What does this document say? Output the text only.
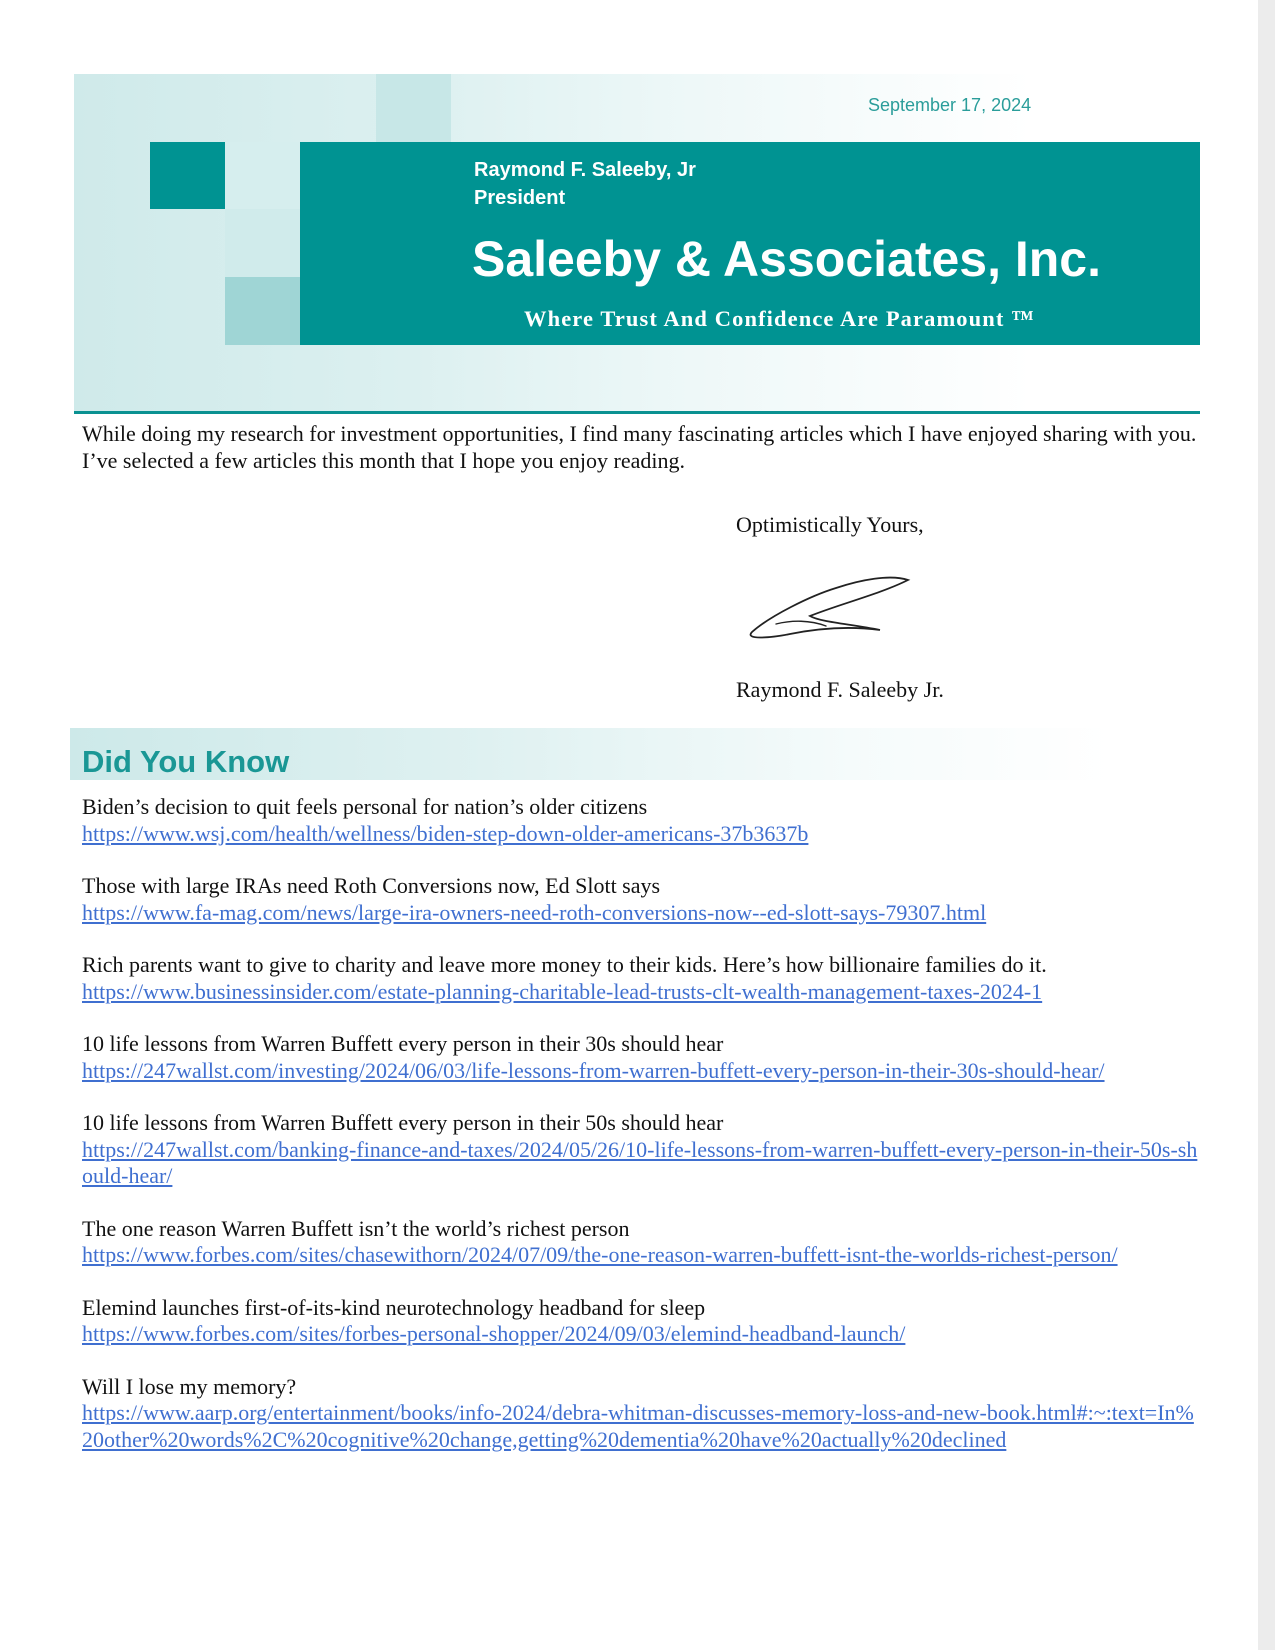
September 17, 2024
Raymond F. Saleeby, Jr
President
Saleeby & Associates, Inc.
Where Trust And Confidence Are Paramount ™
While doing my research for investment opportunities, I find many fascinating articles which I have enjoyed sharing with you. I’ve selected a few articles this month that I hope you enjoy reading.
Optimistically Yours,
Raymond F. Saleeby Jr.
Did You Know
Biden’s decision to quit feels personal for nation’s older citizens
https://www.wsj.com/health/wellness/biden-step-down-older-americans-37b3637b
Those with large IRAs need Roth Conversions now, Ed Slott says
https://www.fa-mag.com/news/large-ira-owners-need-roth-conversions-now--ed-slott-says-79307.html
Rich parents want to give to charity and leave more money to their kids. Here’s how billionaire families do it.
https://www.businessinsider.com/estate-planning-charitable-lead-trusts-clt-wealth-management-taxes-2024-1
10 life lessons from Warren Buffett every person in their 30s should hear
https://247wallst.com/investing/2024/06/03/life-lessons-from-warren-buffett-every-person-in-their-30s-should-hear/
10 life lessons from Warren Buffett every person in their 50s should hear
https://247wallst.com/banking-finance-and-taxes/2024/05/26/10-life-lessons-from-warren-buffett-every-person-in-their-50s-should-hear/
The one reason Warren Buffett isn’t the world’s richest person
https://www.forbes.com/sites/chasewithorn/2024/07/09/the-one-reason-warren-buffett-isnt-the-worlds-richest-person/
Elemind launches first-of-its-kind neurotechnology headband for sleep
https://www.forbes.com/sites/forbes-personal-shopper/2024/09/03/elemind-headband-launch/
Will I lose my memory?
https://www.aarp.org/entertainment/books/info-2024/debra-whitman-discusses-memory-loss-and-new-book.html#:~:text=In%20other%20words%2C%20cognitive%20change,getting%20dementia%20have%20actually%20declined
